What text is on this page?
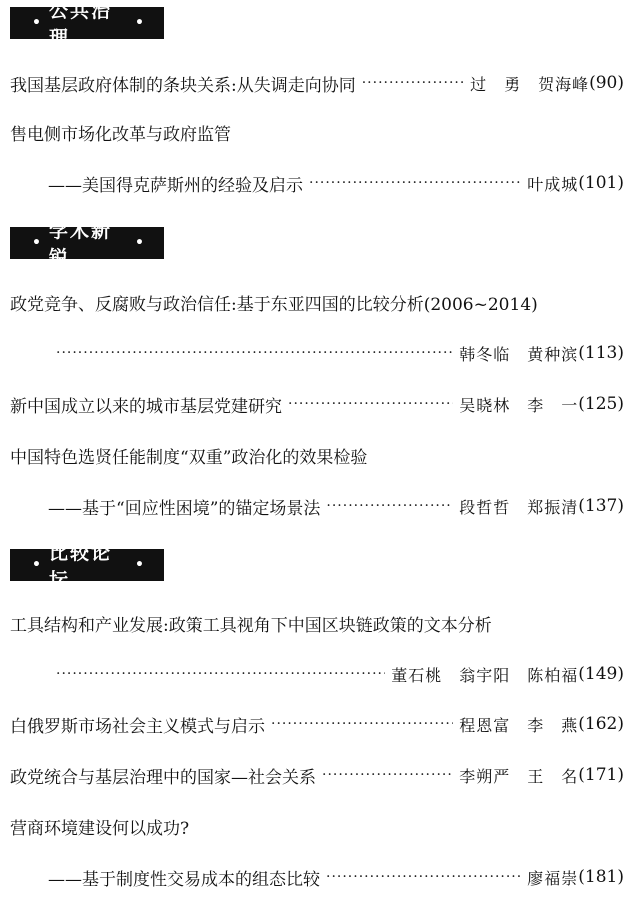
•
公共治理
•
我国基层政府体制的条块关系:从失调走向协同 ·····	过　勇　贺海峰 ( 90 )
售电侧市场化改革与政府监管
——美国得克萨斯州的经验及启示 ·····	叶成城 ( 101 )
•
学术新锐
•
政党竞争、反腐败与政治信任:基于东亚四国的比较分析(2006~2014)
·····
韩冬临　黄种滨 ( 113 )
新中国成立以来的城市基层党建研究 ·····	吴晓林　李　一 ( 125 )
中国特色选贤任能制度“双重”政治化的效果检验
——基于“回应性困境”的锚定场景法 ·····	段哲哲　郑振清 ( 137 )
•
比较论坛
•
工具结构和产业发展:政策工具视角下中国区块链政策的文本分析
·····
董石桃　翁宇阳　陈柏福 ( 149 )
白俄罗斯市场社会主义模式与启示 ·····	程恩富　李　燕 ( 162 )
政党统合与基层治理中的国家—社会关系 ·····	李朔严　王　名 ( 171 )
营商环境建设何以成功?
——基于制度性交易成本的组态比较 ·····	廖福崇 ( 181 )
